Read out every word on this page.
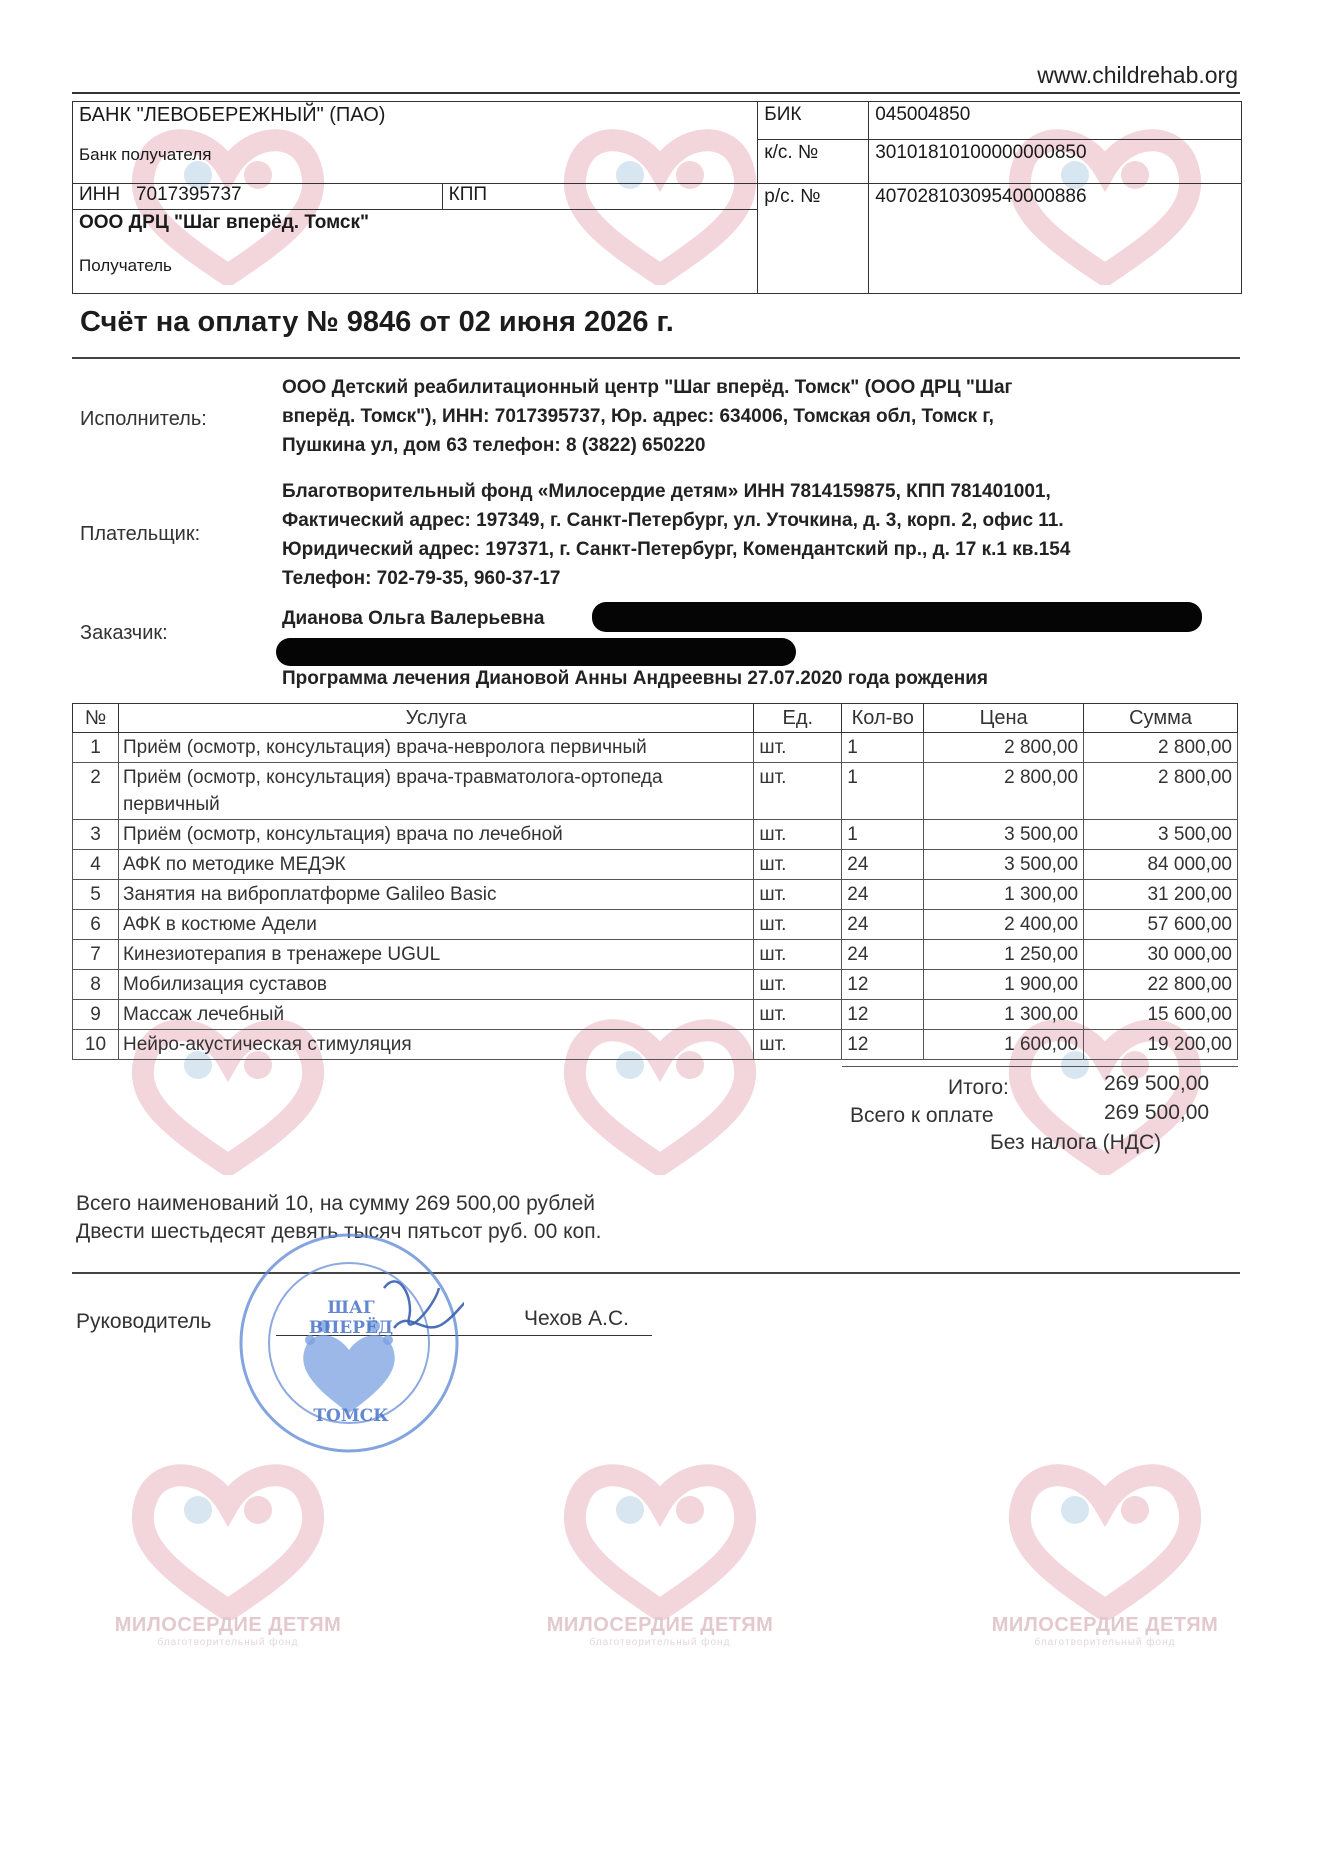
МИЛОСЕРДИЕ ДЕТЯМ
благотворительный фонд
МИЛОСЕРДИЕ ДЕТЯМ
благотворительный фонд
МИЛОСЕРДИЕ ДЕТЯМ
благотворительный фонд
www.childrehab.org
БАНК "ЛЕВОБЕРЕЖНЫЙ" (ПАО)
Банк получателя		БИК	045004850
		к/с. №	30101810100000000850
ИНН 7017395737	КПП	р/с. №	40702810309540000886

ООО ДРЦ "Шаг вперёд. Томск"
Получатель			
Счёт на оплату № 9846 от 02 июня 2026 г.
Исполнитель:
ООО Детский реабилитационный центр "Шаг вперёд. Томск" (ООО ДРЦ "Шаг
вперёд. Томск"), ИНН: 7017395737, Юр. адрес: 634006, Томская обл, Томск г,
Пушкина ул, дом 63 телефон: 8 (3822) 650220
Плательщик:
Благотворительный фонд «Милосердие детям» ИНН 7814159875, КПП 781401001,
Фактический адрес: 197349, г. Санкт-Петербург, ул. Уточкина, д. 3, корп. 2, офис 11.
Юридический адрес: 197371, г. Санкт-Петербург, Комендантский пр., д. 17 к.1 кв.154
Телефон: 702-79-35, 960-37-17
Заказчик:
Дианова Ольга Валерьевна
Программа лечения Диановой Анны Андреевны 27.07.2020 года рождения
№	Услуга	Ед.	Кол-во	Цена	Сумма
1	Приём (осмотр, консультация) врача-невролога первичный	шт.	1	2 800,00	2 800,00
2	Приём (осмотр, консультация) врача-травматолога-ортопеда первичный	шт.	1	2 800,00	2 800,00
3	Приём (осмотр, консультация) врача по лечебной	шт.	1	3 500,00	3 500,00
4	АФК по методике МЕДЭК	шт.	24	3 500,00	84 000,00
5	Занятия на виброплатформе Galileo Basic	шт.	24	1 300,00	31 200,00
6	АФК в костюме Адели	шт.	24	2 400,00	57 600,00
7	Кинезиотерапия в тренажере UGUL	шт.	24	1 250,00	30 000,00
8	Мобилизация суставов	шт.	12	1 900,00	22 800,00
9	Массаж лечебный	шт.	12	1 300,00	15 600,00
10	Нейро-акустическая стимуляция	шт.	12	1 600,00	19 200,00
Итого:	269 500,00
Всего к оплате	269 500,00
Без налога (НДС)
Всего наименований 10, на сумму 269 500,00 рублей
Двести шестьдесят девять тысяч пятьсот руб. 00 коп.
Руководитель	Чехов А.С.
ШАГ ВПЕРЁД
ТОМСК
